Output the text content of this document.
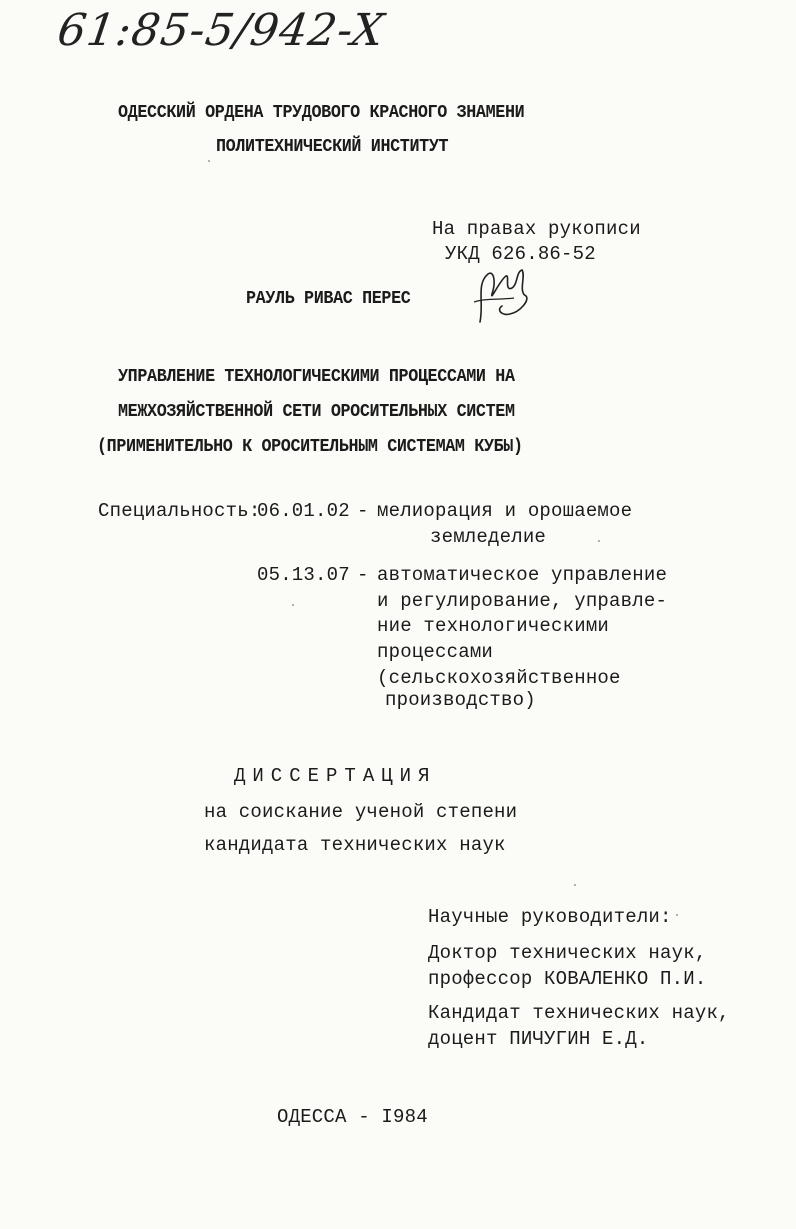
61:85-5/942-X
ОДЕССКИЙ ОРДЕНА ТРУДОВОГО КРАСНОГО ЗНАМЕНИ
ПОЛИТЕХНИЧЕСКИЙ ИНСТИТУТ
На правах рукописи
УКД 626.86-52
РАУЛЬ РИВАС ПЕРЕС
УПРАВЛЕНИЕ ТЕХНОЛОГИЧЕСКИМИ ПРОЦЕССАМИ НА
МЕЖХОЗЯЙСТВЕННОЙ СЕТИ ОРОСИТЕЛЬНЫХ СИСТЕМ
(ПРИМЕНИТЕЛЬНО К ОРОСИТЕЛЬНЫМ СИСТЕМАМ КУБЫ)
Специальность:
06.01.02 - мелиорация и орошаемое
земледелие
05.13.07 - автоматическое управление
и регулирование, управле-
ние технологическими
процессами
(сельскохозяйственное
производство)
ДИССЕРТАЦИЯ
на соискание ученой степени
кандидата технических наук
Научные руководители:
Доктор технических наук,
профессор КОВАЛЕНКО П.И.
Кандидат технических наук,
доцент ПИЧУГИН Е.Д.
ОДЕССА - I984
